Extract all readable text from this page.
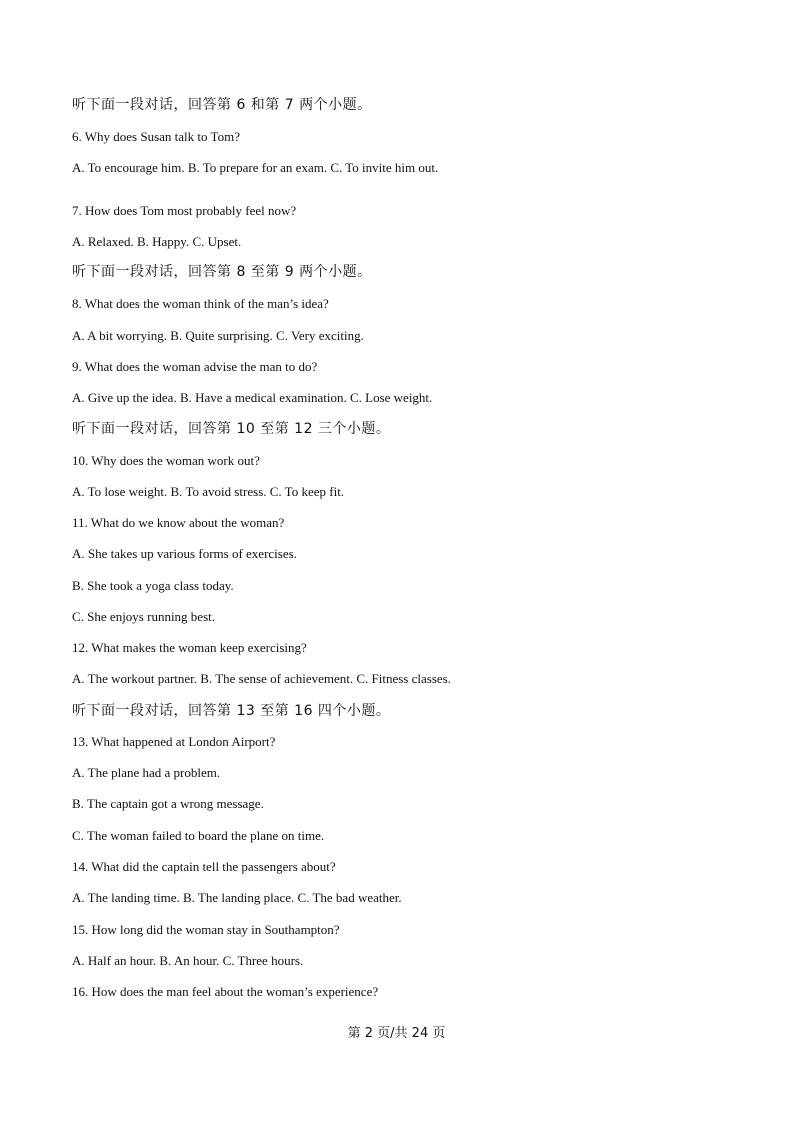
听下面一段对话，回答第 6 和第 7 两个小题。
6. Why does Susan talk to Tom?
A. To encourage him. B. To prepare for an exam. C. To invite him out.
7. How does Tom most probably feel now?
A. Relaxed. B. Happy. C. Upset.
听下面一段对话，回答第 8 至第 9 两个小题。
8. What does the woman think of the man’s idea?
A. A bit worrying. B. Quite surprising. C. Very exciting.
9. What does the woman advise the man to do?
A. Give up the idea. B. Have a medical examination. C. Lose weight.
听下面一段对话，回答第 10 至第 12 三个小题。
10. Why does the woman work out?
A. To lose weight. B. To avoid stress. C. To keep fit.
11. What do we know about the woman?
A. She takes up various forms of exercises.
B. She took a yoga class today.
C. She enjoys running best.
12. What makes the woman keep exercising?
A. The workout partner. B. The sense of achievement. C. Fitness classes.
听下面一段对话，回答第 13 至第 16 四个小题。
13. What happened at London Airport?
A. The plane had a problem.
B. The captain got a wrong message.
C. The woman failed to board the plane on time.
14. What did the captain tell the passengers about?
A. The landing time. B. The landing place. C. The bad weather.
15. How long did the woman stay in Southampton?
A. Half an hour. B. An hour. C. Three hours.
16. How does the man feel about the woman’s experience?
第 2 页/共 24 页
